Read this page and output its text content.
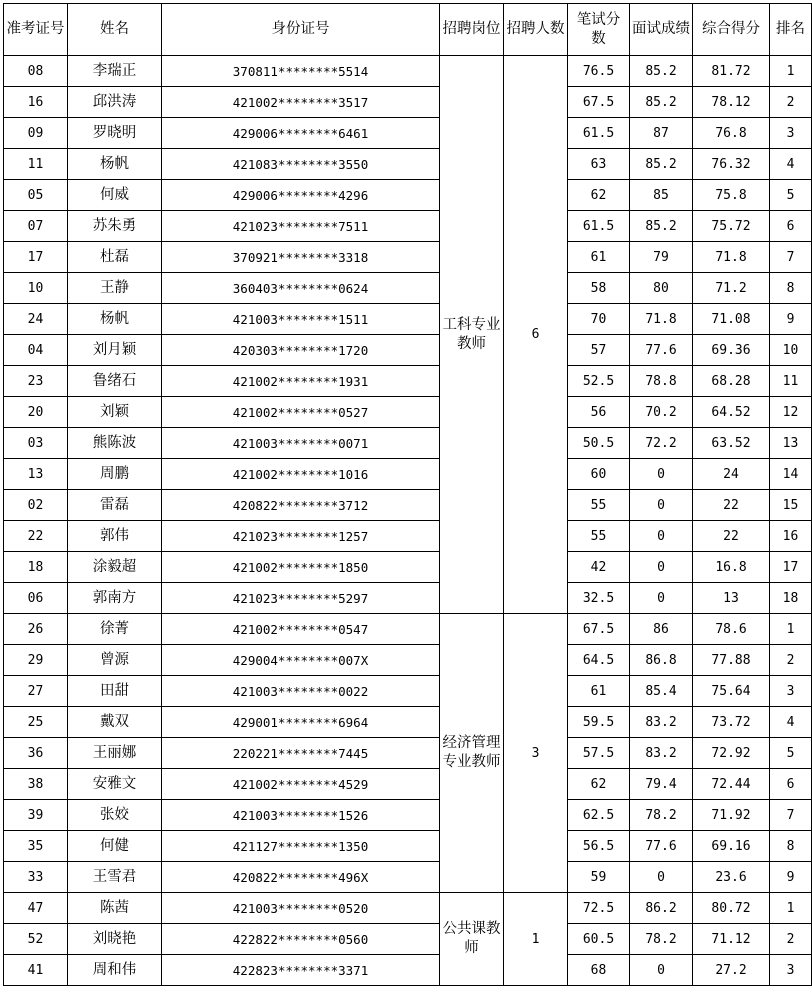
准考证号	姓名	身份证号	招聘岗位	招聘人数	笔试分数	面试成绩	综合得分	排名
08	李瑞正	370811********5514	工科专业教师	6	76.5	85.2	81.72	1
16	邱洪涛	421002********3517			67.5	85.2	78.12	2
09	罗晓明	429006********6461			61.5	87	76.8	3
11	杨帆	421083********3550			63	85.2	76.32	4
05	何威	429006********4296			62	85	75.8	5
07	苏朱勇	421023********7511			61.5	85.2	75.72	6
17	杜磊	370921********3318			61	79	71.8	7
10	王静	360403********0624			58	80	71.2	8
24	杨帆	421003********1511			70	71.8	71.08	9
04	刘月颖	420303********1720			57	77.6	69.36	10
23	鲁绪石	421002********1931			52.5	78.8	68.28	11
20	刘颖	421002********0527			56	70.2	64.52	12
03	熊陈波	421003********0071			50.5	72.2	63.52	13
13	周鹏	421002********1016			60	0	24	14
02	雷磊	420822********3712			55	0	22	15
22	郭伟	421023********1257			55	0	22	16
18	涂毅超	421002********1850			42	0	16.8	17
06	郭南方	421023********5297			32.5	0	13	18
26	徐菁	421002********0547	经济管理专业教师	3	67.5	86	78.6	1
29	曾源	429004********007X			64.5	86.8	77.88	2
27	田甜	421003********0022			61	85.4	75.64	3
25	戴双	429001********6964			59.5	83.2	73.72	4
36	王丽娜	220221********7445			57.5	83.2	72.92	5
38	安雅文	421002********4529			62	79.4	72.44	6
39	张姣	421003********1526			62.5	78.2	71.92	7
35	何健	421127********1350			56.5	77.6	69.16	8
33	王雪君	420822********496X			59	0	23.6	9
47	陈茜	421003********0520	公共课教师	1	72.5	86.2	80.72	1
52	刘晓艳	422822********0560			60.5	78.2	71.12	2
41	周和伟	422823********3371			68	0	27.2	3
